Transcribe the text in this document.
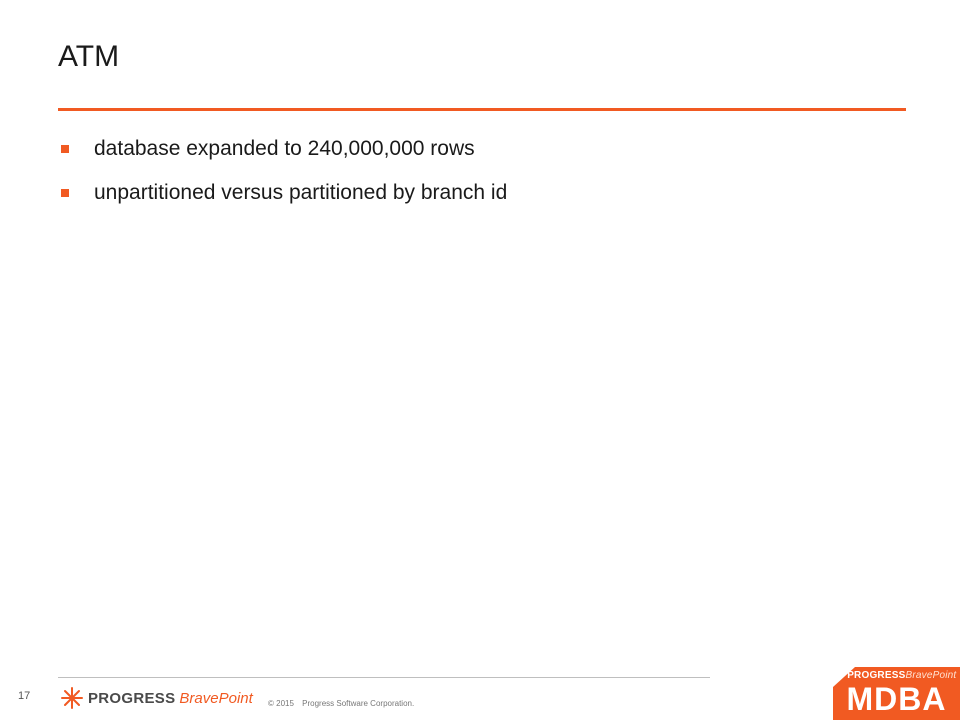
ATM
database expanded to 240,000,000 rows
unpartitioned versus partitioned by branch id
17	PROGRESS BravePoint © 2015 Progress Software Corporation.
✳ PROGRESSBravePoint
MDBA
